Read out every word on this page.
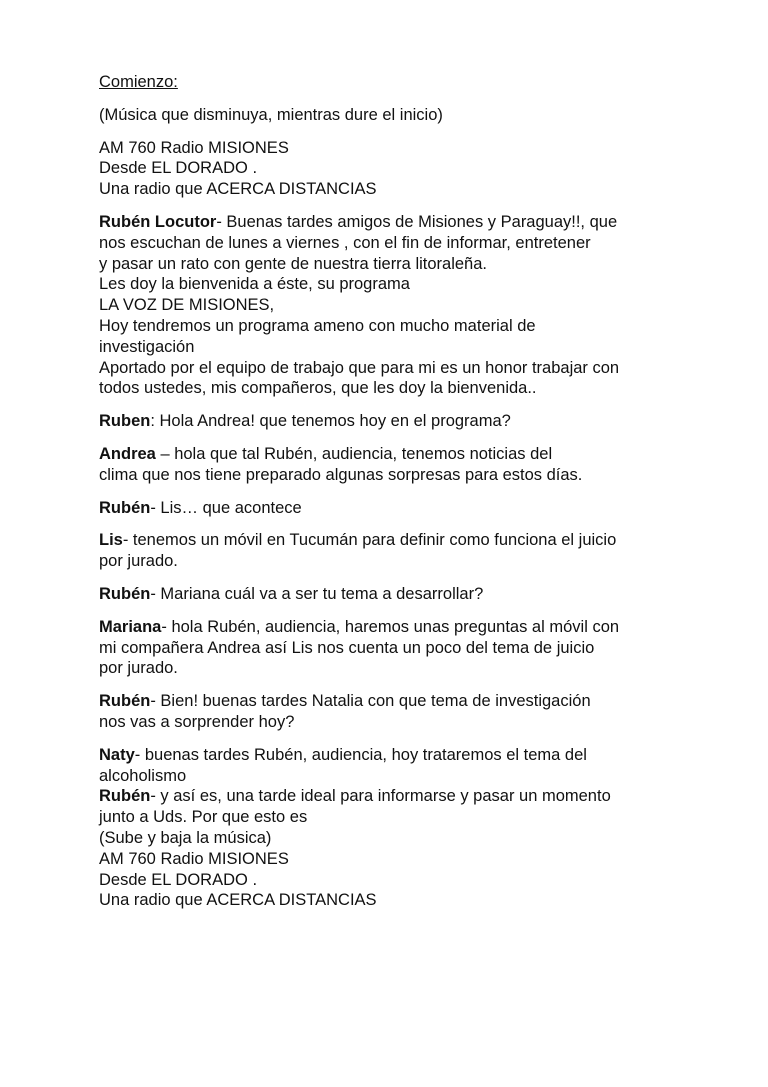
Comienzo:

(Música que disminuya, mientras dure el inicio)

AM 760 Radio MISIONES
Desde EL DORADO .
Una radio que ACERCA DISTANCIAS

Rubén Locutor- Buenas tardes amigos de Misiones y Paraguay!!, que
nos escuchan de lunes a viernes , con el fin de informar, entretener
y pasar un rato con gente de nuestra tierra litoraleña.
Les doy la bienvenida a éste, su programa
LA VOZ DE MISIONES,
Hoy tendremos un programa ameno con mucho material de
investigación
Aportado por el equipo de trabajo que para mi es un honor trabajar con
todos ustedes, mis compañeros, que les doy la bienvenida..

Ruben: Hola Andrea! que tenemos hoy en el programa?

Andrea – hola que tal Rubén, audiencia, tenemos noticias del
clima que nos tiene preparado algunas sorpresas para estos días.

Rubén- Lis… que acontece

Lis- tenemos un móvil en Tucumán para definir como funciona el juicio
por jurado.

Rubén- Mariana cuál va a ser tu tema a desarrollar?

Mariana- hola Rubén, audiencia, haremos unas preguntas al móvil con
mi compañera Andrea así Lis nos cuenta un poco del tema de juicio
por jurado.

Rubén- Bien! buenas tardes Natalia con que tema de investigación
nos vas a sorprender hoy?

Naty- buenas tardes Rubén, audiencia, hoy trataremos el tema del
alcoholismo

Rubén- y así es, una tarde ideal para informarse y pasar un momento
junto a Uds. Por que esto es
(Sube y baja la música)
AM 760 Radio MISIONES
Desde EL DORADO .
Una radio que ACERCA DISTANCIAS
